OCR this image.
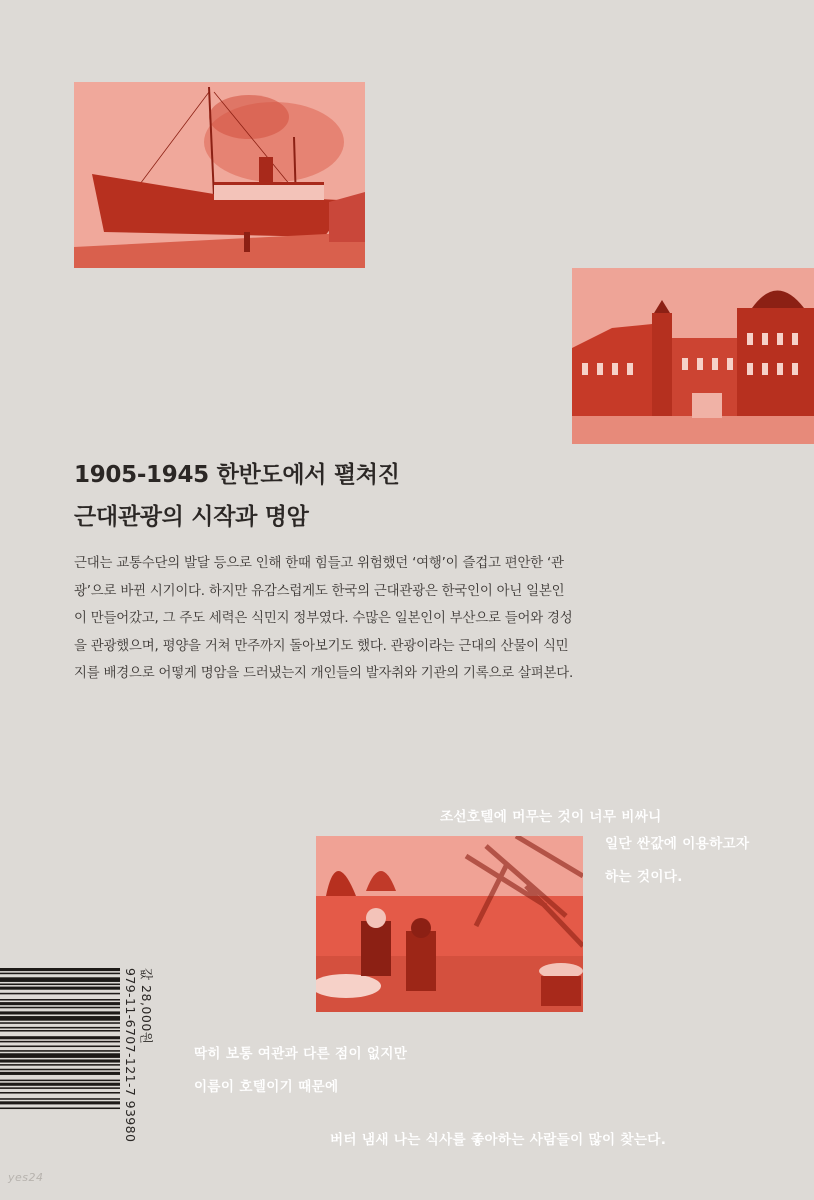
1905-1945 한반도에서 펼쳐진
근대관광의 시작과 명암
근대는 교통수단의 발달 등으로 인해 한때 힘들고 위험했던 ‘여행’이 즐겁고 편안한 ‘관
광’으로 바뀐 시기이다. 하지만 유감스럽게도 한국의 근대관광은 한국인이 아닌 일본인
이 만들어갔고, 그 주도 세력은 식민지 정부였다. 수많은 일본인이 부산으로 들어와 경성
을 관광했으며, 평양을 거쳐 만주까지 돌아보기도 했다. 관광이라는 근대의 산물이 식민
지를 배경으로 어떻게 명암을 드러냈는지 개인들의 발자취와 기관의 기록으로 살펴본다.
조선호텔에 머무는 것이 너무 비싸니
일단 싼값에 이용하고자
하는 것이다.
딱히 보통 여관과 다른 점이 없지만
이름이 호텔이기 때문에
버터 냄새 나는 식사를 좋아하는 사람들이 많이 찾는다.
값 28,000원
979-11-6707-121-7 93980
yes24
